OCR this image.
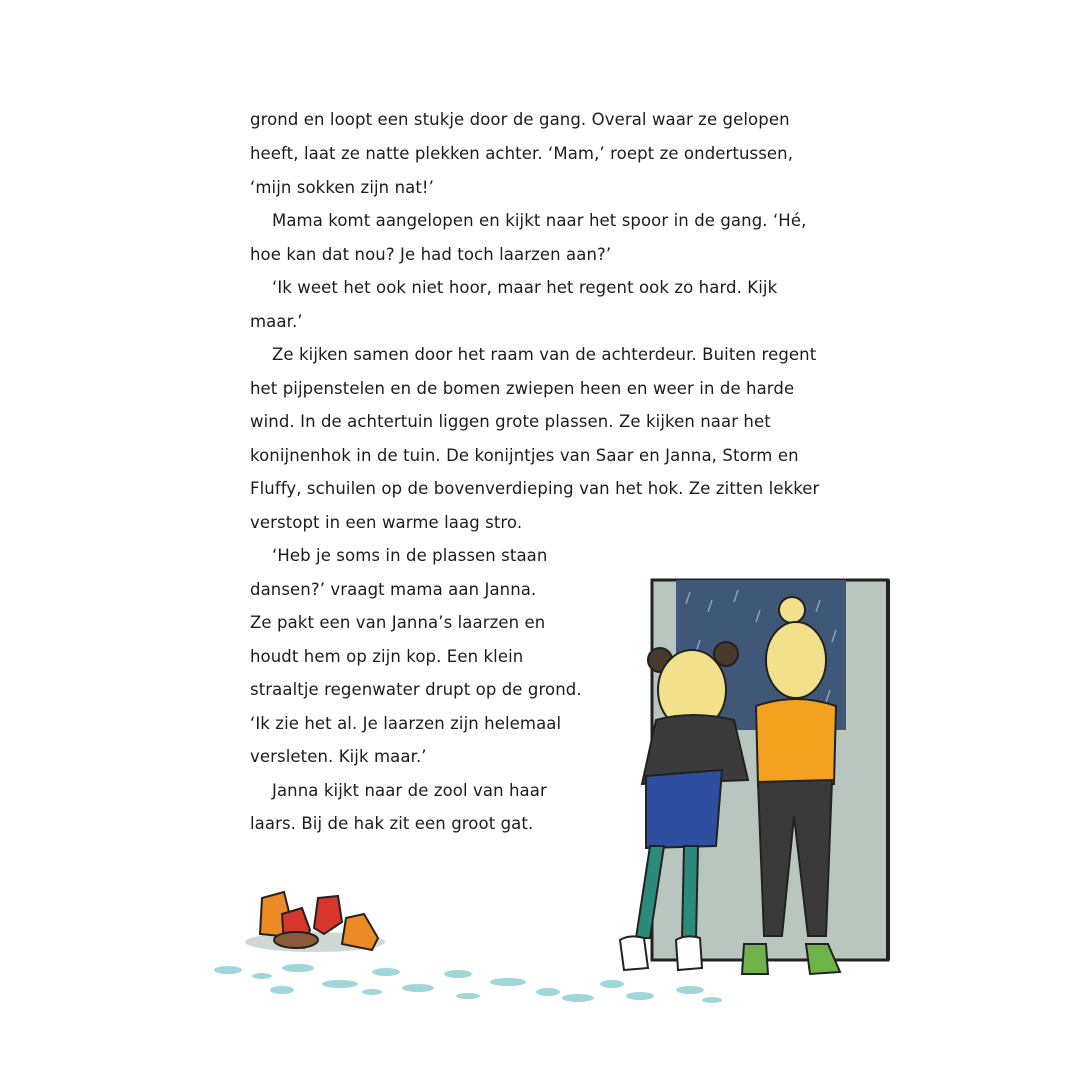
grond en loopt een stukje door de gang. Overal waar ze gelopen
heeft, laat ze natte plekken achter. ‘Mam,’ roept ze ondertussen,
‘mijn sokken zijn nat!’
Mama komt aangelopen en kijkt naar het spoor in de gang. ‘Hé,
hoe kan dat nou? Je had toch laarzen aan?’
‘Ik weet het ook niet hoor, maar het regent ook zo hard. Kijk
maar.’
Ze kijken samen door het raam van de achterdeur. Buiten regent
het pijpenstelen en de bomen zwiepen heen en weer in de harde
wind. In de achtertuin liggen grote plassen. Ze kijken naar het
konijnenhok in de tuin. De konijntjes van Saar en Janna, Storm en
Fluffy, schuilen op de bovenverdieping van het hok. Ze zitten lekker
verstopt in een warme laag stro.
‘Heb je soms in de plassen staan
dansen?’ vraagt mama aan Janna.
Ze pakt een van Janna’s laarzen en
houdt hem op zijn kop. Een klein
straaltje regenwater drupt op de grond.
‘Ik zie het al. Je laarzen zijn helemaal
versleten. Kijk maar.’
Janna kijkt naar de zool van haar
laars. Bij de hak zit een groot gat.
